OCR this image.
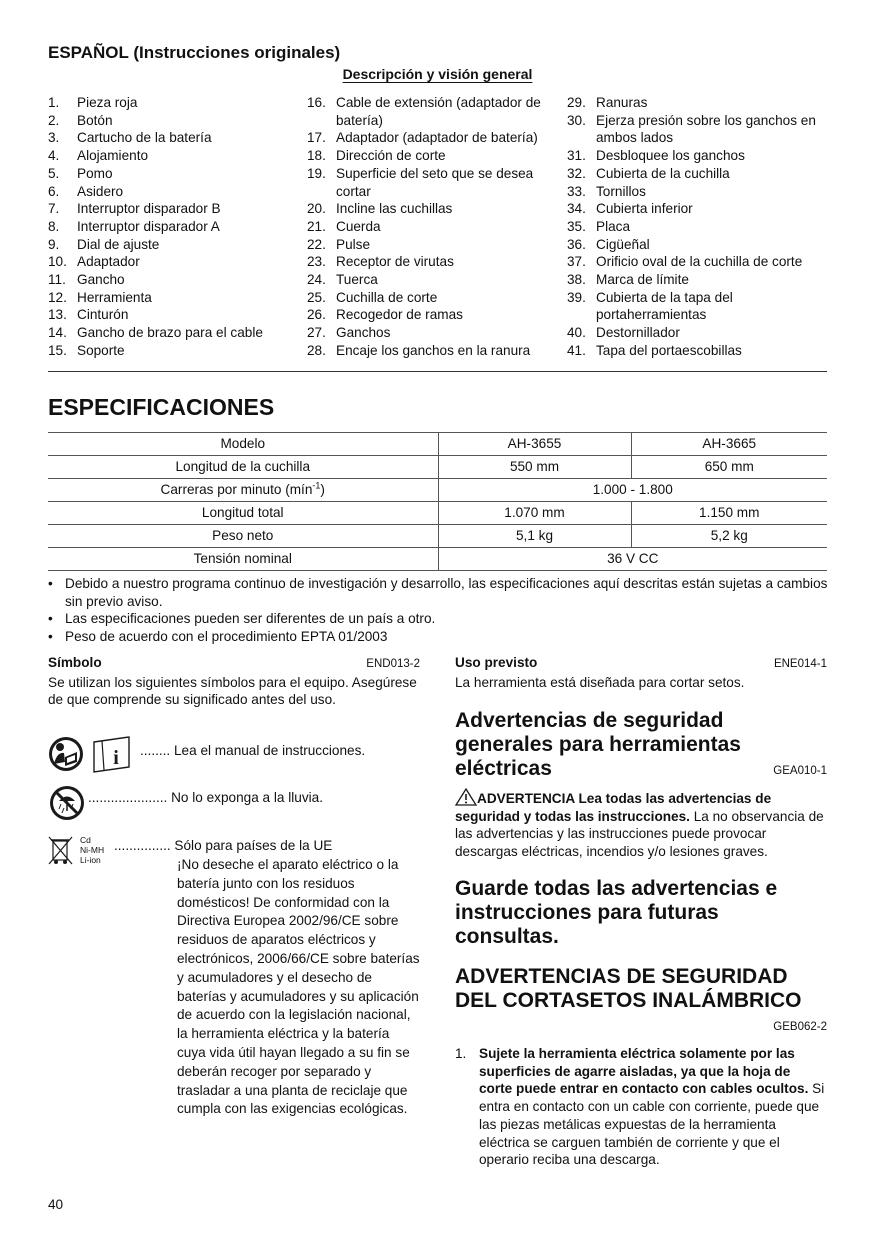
ESPAÑOL (Instrucciones originales)
Descripción y visión general
1.	Pieza roja
2.	Botón
3.	Cartucho de la batería
4.	Alojamiento
5.	Pomo
6.	Asidero
7.	Interruptor disparador B
8.	Interruptor disparador A
9.	Dial de ajuste
10. Adaptador
11. Gancho
12. Herramienta
13. Cinturón
14. Gancho de brazo para el cable
15. Soporte
16. Cable de extensión (adaptador de batería)
17. Adaptador (adaptador de batería)
18. Dirección de corte
19. Superficie del seto que se desea cortar
20. Incline las cuchillas
21. Cuerda
22. Pulse
23. Receptor de virutas
24. Tuerca
25. Cuchilla de corte
26. Recogedor de ramas
27. Ganchos
28. Encaje los ganchos en la ranura
29. Ranuras
30. Ejerza presión sobre los ganchos en ambos lados
31. Desbloquee los ganchos
32. Cubierta de la cuchilla
33. Tornillos
34. Cubierta inferior
35. Placa
36. Cigüeñal
37. Orificio oval de la cuchilla de corte
38. Marca de límite
39. Cubierta de la tapa del portaherramientas
40. Destornillador
41. Tapa del portaescobillas
ESPECIFICACIONES
Modelo	AH-3655	AH-3665
Longitud de la cuchilla	550 mm	650 mm
Carreras por minuto (mín$^{-1}$)	1.000 - 1.800	
Longitud total	1.070 mm	1.150 mm
Peso neto	5,1 kg	5,2 kg
Tensión nominal	36 V CC	
• Debido a nuestro programa continuo de investigación y desarrollo, las especificaciones aquí descritas están sujetas a cambios sin previo aviso.
• Las especificaciones pueden ser diferentes de un país a otro.
• Peso de acuerdo con el procedimiento EPTA 01/2003
Símbolo	END013-2
Se utilizan los siguientes símbolos para el equipo. Asegúrese de que comprende su significado antes del uso.
i ........ Lea el manual de instrucciones.
..................... No lo exponga a la lluvia.
Cd
Ni-MH
Li-ion
............... Sólo para países de la UE
¡No deseche el aparato eléctrico o la batería junto con los residuos domésticos! De conformidad con la Directiva Europea 2002/96/CE sobre residuos de aparatos eléctricos y electrónicos, 2006/66/CE sobre baterías y acumuladores y el desecho de baterías y acumuladores y su aplicación de acuerdo con la legislación nacional, la herramienta eléctrica y la batería cuya vida útil hayan llegado a su fin se deberán recoger por separado y trasladar a una planta de reciclaje que cumpla con las exigencias ecológicas.
Uso previsto	ENE014-1
La herramienta está diseñada para cortar setos.
Advertencias de seguridad generales para herramientas eléctricas	GEA010-1
ADVERTENCIA Lea todas las advertencias de seguridad y todas las instrucciones. La no observancia de las advertencias y las instrucciones puede provocar descargas eléctricas, incendios y/o lesiones graves.
Guarde todas las advertencias e instrucciones para futuras consultas.
ADVERTENCIAS DE SEGURIDAD DEL CORTASETOS INALÁMBRICO
GEB062-2
1. Sujete la herramienta eléctrica solamente por las superficies de agarre aisladas, ya que la hoja de corte puede entrar en contacto con cables ocultos. Si entra en contacto con un cable con corriente, puede que las piezas metálicas expuestas de la herramienta eléctrica se carguen también de corriente y que el operario reciba una descarga.
40
